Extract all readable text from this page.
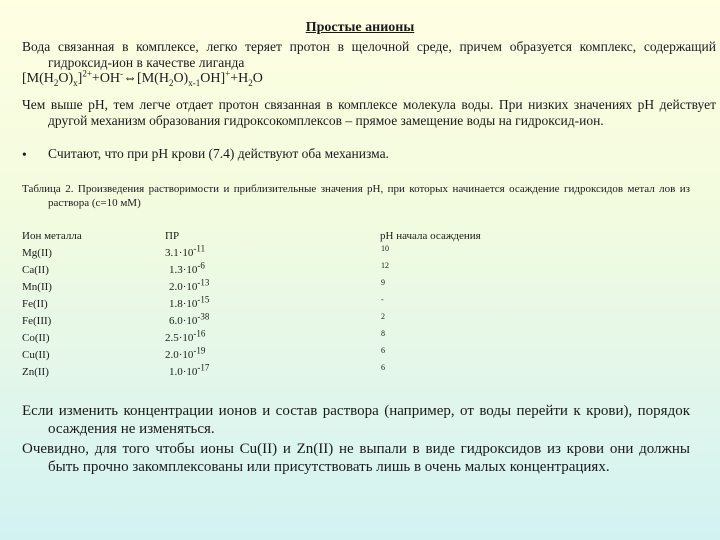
Простые анионы
Вода связанная в комплексе, легко теряет протон в щелочной среде, причем образуется комплекс, содержащий гидроксид-ион в качестве лиганда
$[M(H_2O)_x]^{2+}+OH^-\Leftrightarrow[M(H_2O)_{x-1}OH]^++H_2O$
Чем выше pH, тем легче отдает протон связанная в комплексе молекула воды. При низких значениях pH действует другой механизм образования гидроксокомплексов – прямое замещение воды на гидроксид-ион.
• Считают, что при pH крови (7.4) действуют оба механизма.
Таблица 2. Произведения растворимости и приблизительные значения pH, при которых начинается осаждение гидроксидов метал лов из раствора (c=10 мМ)
Ион металла
Mg(II)
Ca(II)
Mn(II)
Fe(II)
Fe(III)
Co(II)
Cu(II)
Zn(II)
ПР
$3.1\cdot 10^{-11}$
$1.3\cdot 10^{-6}$
$2.0\cdot 10^{-13}$
$1.8\cdot 10^{-15}$
$6.0\cdot 10^{-38}$
$2.5\cdot 10^{-16}$
$2.0\cdot 10^{-19}$
$1.0\cdot 10^{-17}$
pH начала осаждения
10
12
9
-
2
8
6
6
Если изменить концентрации ионов и состав раствора (например, от воды перейти к крови), порядок осаждения не изменяться.
Очевидно, для того чтобы ионы Cu(II) и Zn(II) не выпали в виде гидроксидов из крови они должны быть прочно закомплексованы или присутствовать лишь в очень малых концентрациях.
